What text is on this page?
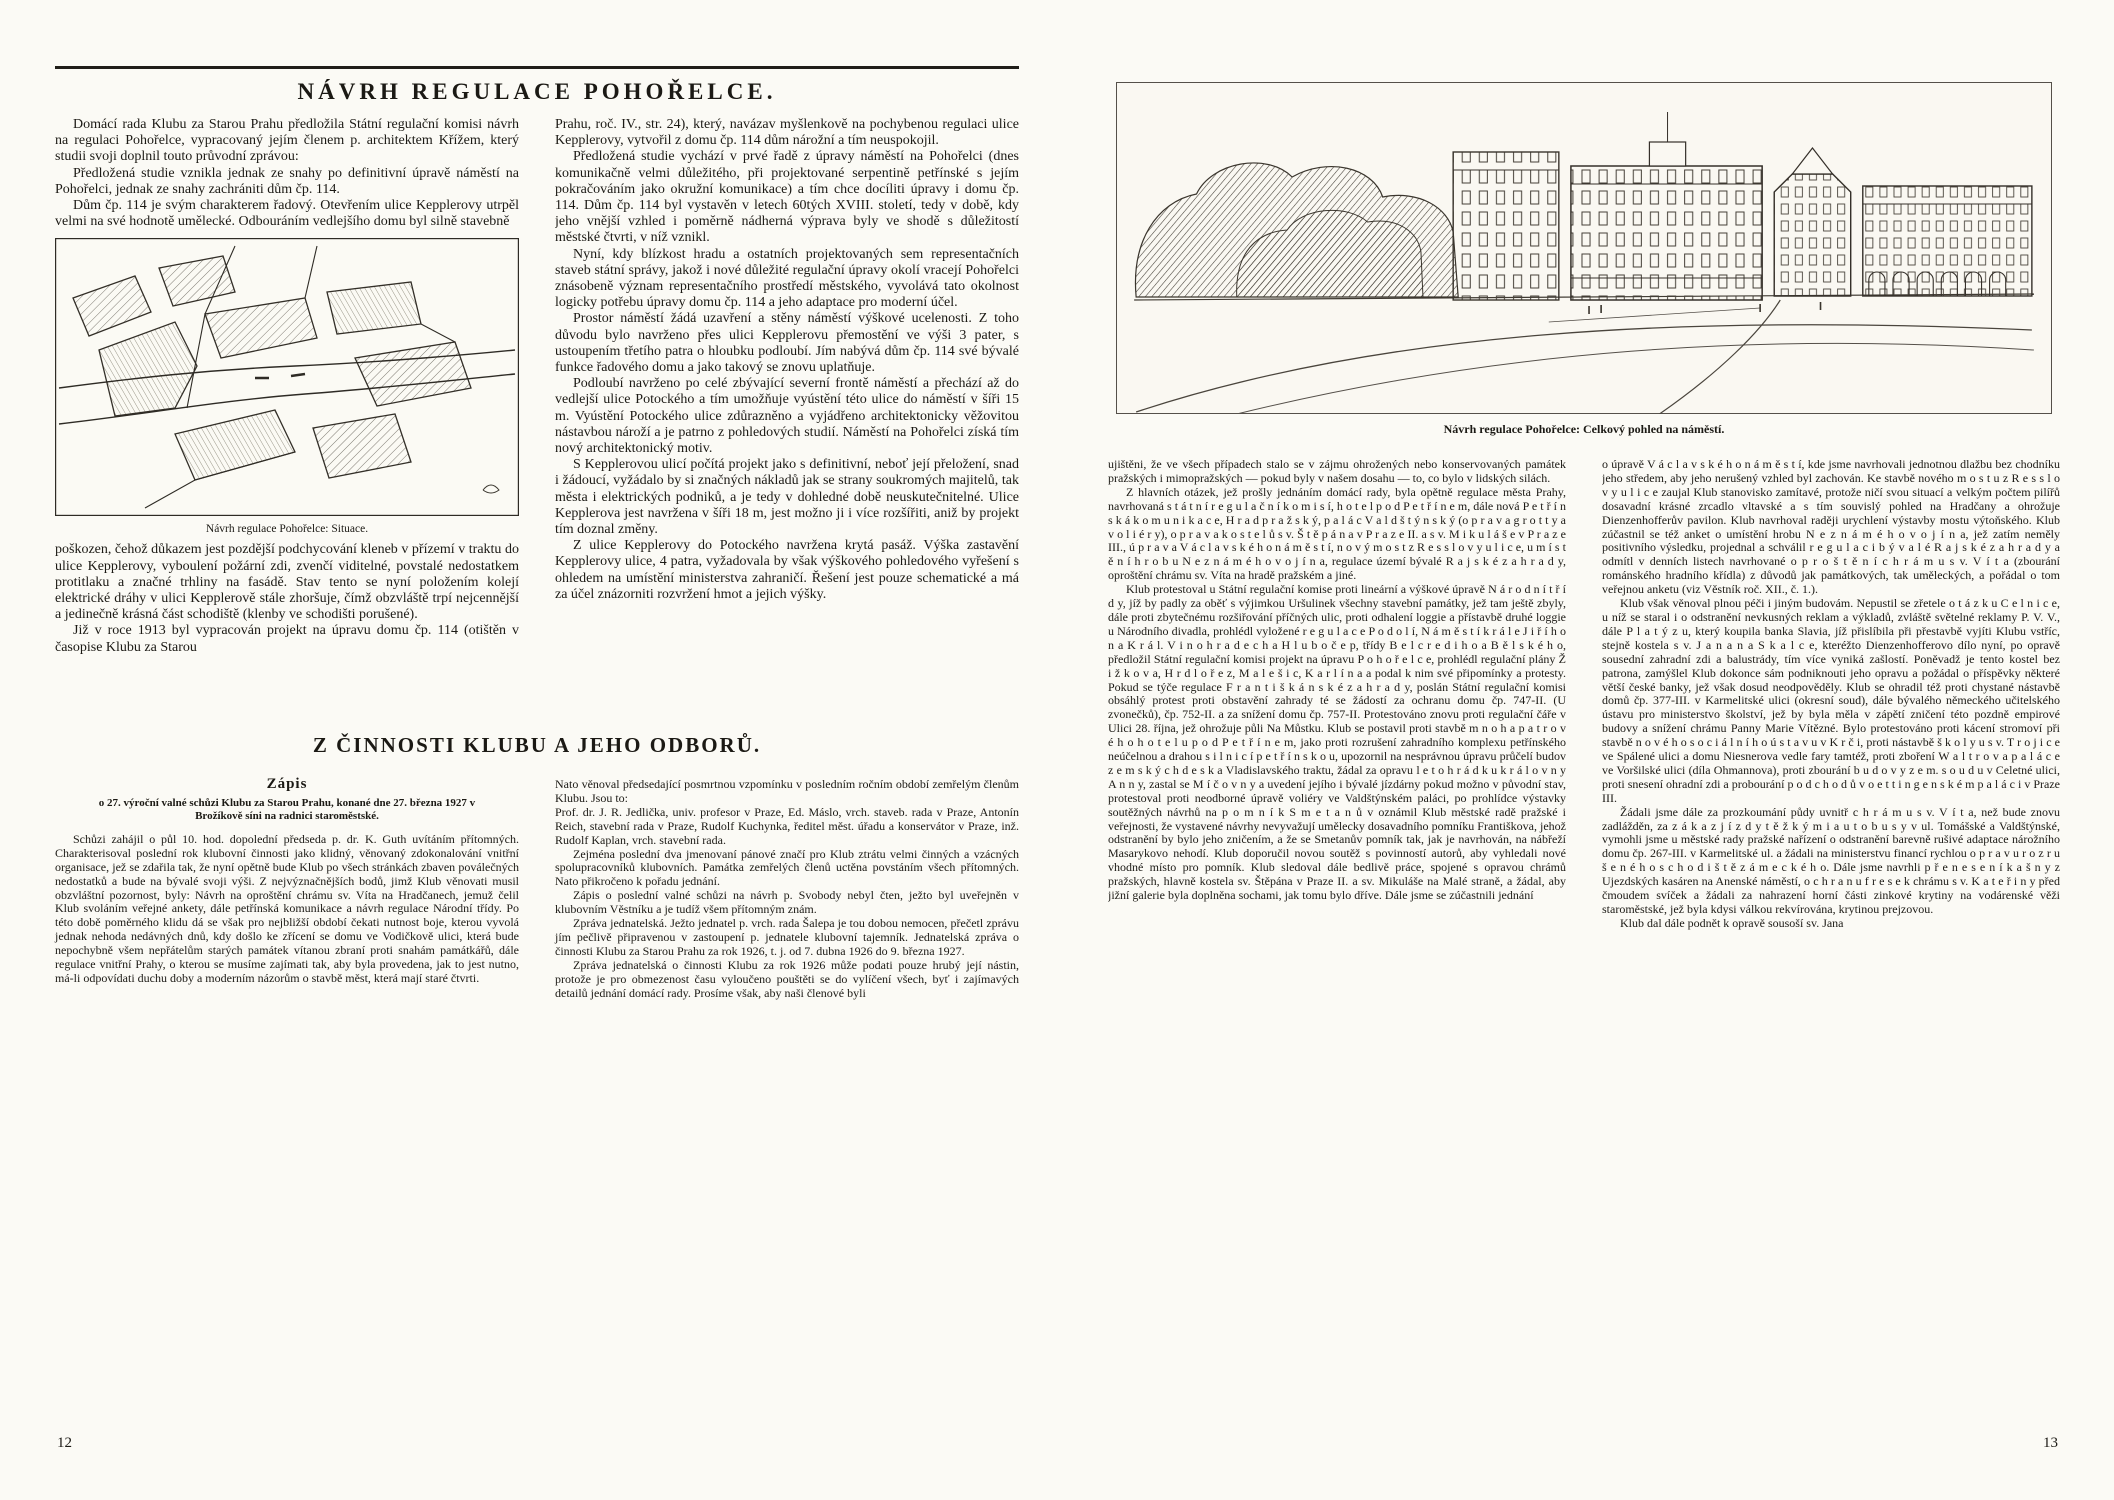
NÁVRH REGULACE POHOŘELCE.

Domácí rada Klubu za Starou Prahu předložila Státní regulační komisi návrh na regulaci Pohořelce, vypracovaný jejím členem p. architektem Křížem, který studii svoji doplnil touto průvodní zprávou:

Předložená studie vznikla jednak ze snahy po definitivní úpravě náměstí na Pohořelci, jednak ze snahy zachrániti dům čp. 114.

Dům čp. 114 je svým charakterem řadový. Otevřením ulice Kepplerovy utrpěl velmi na své hodnotě umělecké. Odbouráním vedlejšího domu byl silně stavebně

Návrh regulace Pohořelce: Situace.

poškozen, čehož důkazem jest pozdější podchycování kleneb v přízemí v traktu do ulice Kepplerovy, vyboulení požární zdi, zvenčí viditelné, povstalé nedostatkem protitlaku a značné trhliny na fasádě. Stav tento se nyní položením kolejí elektrické dráhy v ulici Kepplerově stále zhoršuje, čímž obzvláště trpí nejcennější a jedinečně krásná část schodiště (klenby ve schodišti porušené).

Již v roce 1913 byl vypracován projekt na úpravu domu čp. 114 (otištěn v časopise Klubu za Starou

Prahu, roč. IV., str. 24), který, navázav myšlenkově na pochybenou regulaci ulice Kepplerovy, vytvořil z domu čp. 114 dům nárožní a tím neuspokojil.

Předložená studie vychází v prvé řadě z úpravy náměstí na Pohořelci (dnes komunikačně velmi důležitého, při projektované serpentině petřínské s jejím pokračováním jako okružní komunikace) a tím chce docíliti úpravy i domu čp. 114. Dům čp. 114 byl vystavěn v letech 60tých XVIII. století, tedy v době, kdy jeho vnější vzhled i poměrně nádherná výprava byly ve shodě s důležitostí městské čtvrti, v níž vznikl.

Nyní, kdy blízkost hradu a ostatních projektovaných sem representačních staveb státní správy, jakož i nové důležité regulační úpravy okolí vracejí Pohořelci znásobeně význam representačního prostředí městského, vyvolává tato okolnost logicky potřebu úpravy domu čp. 114 a jeho adaptace pro moderní účel.

Prostor náměstí žádá uzavření a stěny náměstí výškové ucelenosti. Z toho důvodu bylo navrženo přes ulici Kepplerovu přemostění ve výši 3 pater, s ustoupením třetího patra o hloubku podloubí. Jím nabývá dům čp. 114 své bývalé funkce řadového domu a jako takový se znovu uplatňuje.

Podloubí navrženo po celé zbývající severní frontě náměstí a přechází až do vedlejší ulice Potockého a tím umožňuje vyústění této ulice do náměstí v šíři 15 m. Vyústění Potockého ulice zdůrazněno a vyjádřeno architektonicky věžovitou nástavbou nároží a je patrno z pohledových studií. Náměstí na Pohořelci získá tím nový architektonický motiv.

S Kepplerovou ulicí počítá projekt jako s definitivní, neboť její přeložení, snad i žádoucí, vyžádalo by si značných nákladů jak se strany soukromých majitelů, tak města i elektrických podniků, a je tedy v dohledné době neuskutečnitelné. Ulice Kepplerova jest navržena v šíři 18 m, jest možno ji i více rozšířiti, aniž by projekt tím doznal změny.

Z ulice Kepplerovy do Potockého navržena krytá pasáž. Výška zastavění Kepplerovy ulice, 4 patra, vyžadovala by však výškového pohledového vyřešení s ohledem na umístění ministerstva zahraničí. Řešení jest pouze schematické a má za účel znázorniti rozvržení hmot a jejich výšky.

Z ČINNOSTI KLUBU A JEHO ODBORŮ.
Zápis

o 27. výroční valné schůzi Klubu za Starou Prahu, konané dne 27. března 1927 v Brožíkově síni na radnici staroměstské.

Schůzi zahájil o půl 10. hod. dopolední předseda p. dr. K. Guth uvítáním přítomných. Charakterisoval poslední rok klubovní činnosti jako klidný, věnovaný zdokonalování vnitřní organisace, jež se zdařila tak, že nyní opětně bude Klub po všech stránkách zbaven poválečných nedostatků a bude na bývalé svoji výši. Z nejvýznačnějších bodů, jimž Klub věnovati musil obzvláštní pozornost, byly: Návrh na oproštění chrámu sv. Víta na Hradčanech, jemuž čelil Klub svoláním veřejné ankety, dále petřínská komunikace a návrh regulace Národní třídy. Po této době poměrného klidu dá se však pro nejbližší období čekati nutnost boje, kterou vyvolá jednak nehoda nedávných dnů, kdy došlo ke zřícení se domu ve Vodičkově ulici, která bude nepochybně všem nepřátelům starých památek vítanou zbraní proti snahám památkářů, dále regulace vnitřní Prahy, o kterou se musíme zajímati tak, aby byla provedena, jak to jest nutno, má-li odpovídati duchu doby a moderním názorům o stavbě měst, která mají staré čtvrti.

Nato věnoval předsedající posmrtnou vzpomínku v posledním ročním období zemřelým členům Klubu. Jsou to:

Prof. dr. J. R. Jedlička, univ. profesor v Praze, Ed. Máslo, vrch. staveb. rada v Praze, Antonín Reich, stavební rada v Praze, Rudolf Kuchynka, ředitel měst. úřadu a konservátor v Praze, inž. Rudolf Kaplan, vrch. stavební rada.

Zejména poslední dva jmenovaní pánové značí pro Klub ztrátu velmi činných a vzácných spolupracovníků klubovních. Památka zemřelých členů uctěna povstáním všech přítomných. Nato přikročeno k pořadu jednání.

Zápis o poslední valné schůzi na návrh p. Svobody nebyl čten, ježto byl uveřejněn v klubovním Věstníku a je tudíž všem přítomným znám.

Zpráva jednatelská. Ježto jednatel p. vrch. rada Šalepa je tou dobou nemocen, přečetl zprávu jím pečlivě připravenou v zastoupení p. jednatele klubovní tajemník. Jednatelská zpráva o činnosti Klubu za Starou Prahu za rok 1926, t. j. od 7. dubna 1926 do 9. března 1927.

Zpráva jednatelská o činnosti Klubu za rok 1926 může podati pouze hrubý její nástin, protože je pro obmezenost času vyloučeno pouštěti se do vylíčení všech, byť i zajímavých detailů jednání domácí rady. Prosíme však, aby naši členové byli

12
Návrh regulace Pohořelce: Celkový pohled na náměstí.

ujištěni, že ve všech případech stalo se v zájmu ohrožených nebo konservovaných památek pražských i mimopražských — pokud byly v našem dosahu — to, co bylo v lidských silách.

Z hlavních otázek, jež prošly jednáním domácí rady, byla opětně regulace města Prahy, navrhovaná s t á t n í r e g u l a č n í k o m i s í, h o t e l p o d P e t ř í n e m, dále nová P e t ř í n s k á k o m u n i k a c e, H r a d p r a ž s k ý, p a l á c V a l d š t ý n s k ý (o p r a v a g r o t t y a v o l i é r y), o p r a v a k o s t e l ů s v. Š t ě p á n a v P r a z e II. a s v. M i k u l á š e v P r a z e III., ú p r a v a V á c l a v s k é h o n á m ě s t í, n o v ý m o s t z R e s s l o v y u l i c e, u m í s t ě n í h r o b u N e z n á m é h o v o j í n a, regulace území bývalé R a j s k é z a h r a d y, oproštění chrámu sv. Víta na hradě pražském a jiné.

Klub protestoval u Státní regulační komise proti lineární a výškové úpravě N á r o d n í t ř í d y, jíž by padly za oběť s výjimkou Uršulinek všechny stavební památky, jež tam ještě zbyly, dále proti zbytečnému rozšiřování příčných ulic, proti odhalení loggie a přístavbě druhé loggie u Národního divadla, prohlédl vyložené r e g u l a c e P o d o l í, N á m ě s t í k r á l e J i ř í h o n a K r á l. V i n o h r a d e c h a H l u b o č e p, třídy B e l c r e d i h o a B ě l s k é h o, předložil Státní regulační komisi projekt na úpravu P o h o ř e l c e, prohlédl regulační plány Ž i ž k o v a, H r d l o ř e z, M a l e š i c, K a r l í n a a podal k nim své připomínky a protesty. Pokud se týče regulace F r a n t i š k á n s k é z a h r a d y, poslán Státní regulační komisi obsáhlý protest proti obstavění zahrady té se žádostí za ochranu domu čp. 747-II. (U zvonečků), čp. 752-II. a za snížení domu čp. 757-II. Protestováno znovu proti regulační čáře v Ulici 28. října, jež ohrožuje půli Na Můstku. Klub se postavil proti stavbě m n o h a p a t r o v é h o h o t e l u p o d P e t ř í n e m, jako proti rozrušení zahradního komplexu petřínského neúčelnou a drahou s i l n i c í p e t ř í n s k o u, upozornil na nesprávnou úpravu průčelí budov z e m s k ý c h d e s k a Vladislavského traktu, žádal za opravu l e t o h r á d k u k r á l o v n y A n n y, zastal se M í č o v n y a uvedení jejího i bývalé jízdárny pokud možno v původní stav, protestoval proti neodborné úpravě voliéry ve Valdštýnském paláci, po prohlídce výstavky soutěžných návrhů na p o m n í k S m e t a n ů v oznámil Klub městské radě pražské i veřejnosti, že vystavené návrhy nevyvažují umělecky dosavadního pomníku Františkova, jehož odstranění by bylo jeho zničením, a že se Smetanův pomník tak, jak je navrhován, na nábřeží Masarykovo nehodí. Klub doporučil novou soutěž s povinností autorů, aby vyhledali nové vhodné místo pro pomník. Klub sledoval dále bedlivě práce, spojené s opravou chrámů pražských, hlavně kostela sv. Štěpána v Praze II. a sv. Mikuláše na Malé straně, a žádal, aby jižní galerie byla doplněna sochami, jak tomu bylo dříve. Dále jsme se zúčastnili jednání

o úpravě V á c l a v s k é h o n á m ě s t í, kde jsme navrhovali jednotnou dlažbu bez chodníku jeho středem, aby jeho nerušený vzhled byl zachován. Ke stavbě nového m o s t u z R e s s l o v y u l i c e zaujal Klub stanovisko zamítavé, protože ničí svou situací a velkým počtem pilířů dosavadní krásné zrcadlo vltavské a s tím souvislý pohled na Hradčany a ohrožuje Dienzenhofferův pavilon. Klub navrhoval raději urychlení výstavby mostu výtoňského. Klub zúčastnil se též anket o umístění hrobu N e z n á m é h o v o j í n a, jež zatím neměly positivního výsledku, projednal a schválil r e g u l a c i b ý v a l é R a j s k é z a h r a d y a odmítl v denních listech navrhované o p r o š t ě n í c h r á m u s v. V í t a (zbourání románského hradního křídla) z důvodů jak památkových, tak uměleckých, a pořádal o tom veřejnou anketu (viz Věstník roč. XII., č. 1.).

Klub však věnoval plnou péči i jiným budovám. Nepustil se zřetele o t á z k u C e l n i c e, u níž se staral i o odstranění nevkusných reklam a výkladů, zvláště světelné reklamy P. V. V., dále P l a t ý z u, který koupila banka Slavia, jíž přislíbila při přestavbě vyjíti Klubu vstříc, stejně kostela s v. J a n a n a S k a l c e, kteréžto Dienzenhofferovo dílo nyní, po opravě sousední zahradní zdi a balustrády, tím více vyniká zašlostí. Poněvadž je tento kostel bez patrona, zamýšlel Klub dokonce sám podniknouti jeho opravu a požádal o příspěvky některé větší české banky, jež však dosud neodpověděly. Klub se ohradil též proti chystané nástavbě domů čp. 377-III. v Karmelitské ulici (okresní soud), dále bývalého německého učitelského ústavu pro ministerstvo školství, jež by byla měla v zápětí zničení této pozdně empirové budovy a snížení chrámu Panny Marie Vítězné. Bylo protestováno proti kácení stromoví při stavbě n o v é h o s o c i á l n í h o ú s t a v u v K r č i, proti nástavbě š k o l y u s v. T r o j i c e ve Spálené ulici a domu Niesnerova vedle fary tamtéž, proti zboření W a l t r o v a p a l á c e ve Voršilské ulici (díla Ohmannova), proti zbourání b u d o v y z e m. s o u d u v Celetné ulici, proti snesení ohradní zdi a probourání p o d c h o d ů v o e t t i n g e n s k é m p a l á c i v Praze III.

Žádali jsme dále za prozkoumání půdy uvnitř c h r á m u s v. V í t a, než bude znovu zadlážděn, za z á k a z j í z d y t ě ž k ý m i a u t o b u s y v ul. Tomášské a Valdštýnské, vymohli jsme u městské rady pražské nařízení o odstranění barevně rušivé adaptace nárožního domu čp. 267-III. v Karmelitské ul. a žádali na ministerstvu financí rychlou o p r a v u r o z r u š e n é h o s c h o d i š t ě z á m e c k é h o. Dále jsme navrhli p ř e n e s e n í k a š n y z Ujezdských kasáren na Anenské náměstí, o c h r a n u f r e s e k chrámu s v. K a t e ř i n y před čmoudem svíček a žádali za nahrazení horní části zinkové krytiny na vodárenské věži staroměstské, jež byla kdysi válkou rekvírována, krytinou prejzovou.

Klub dal dále podnět k opravě sousoší sv. Jana

13
